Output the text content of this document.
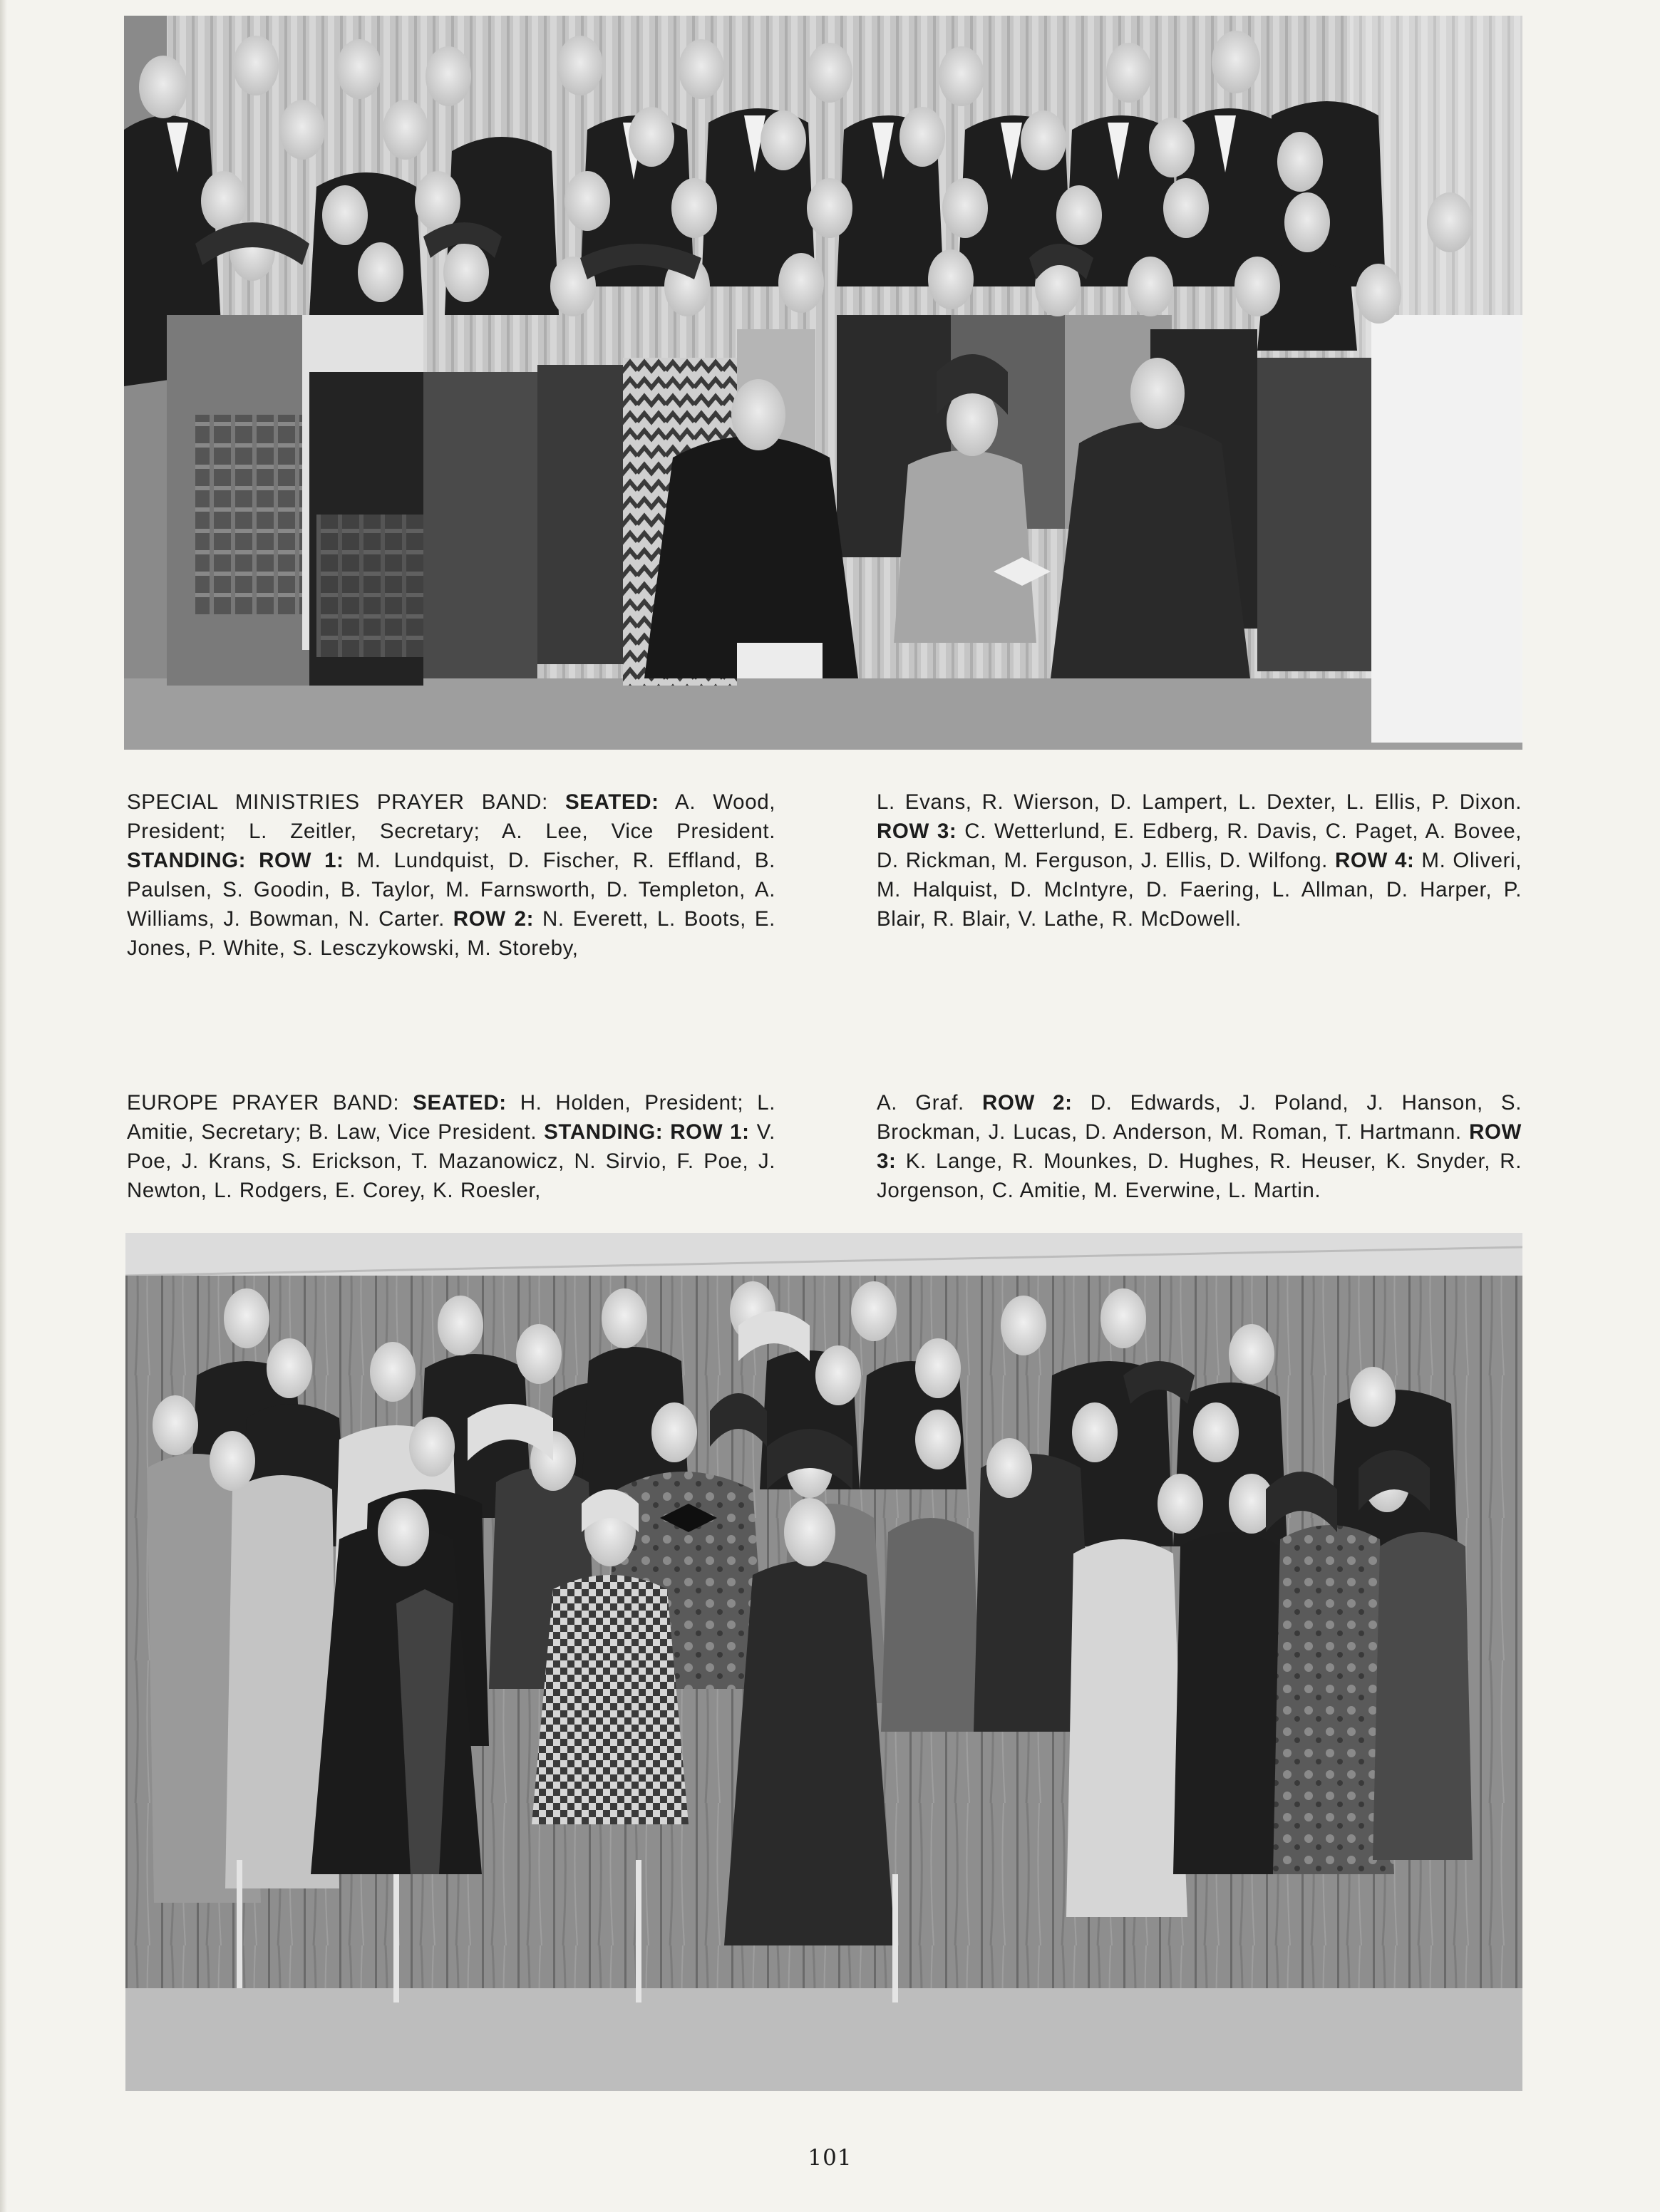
SPECIAL MINISTRIES PRAYER BAND: SEATED: A. Wood, President; L. Zeitler, Secretary; A. Lee, Vice President. STANDING: ROW 1: M. Lundquist, D. Fischer, R. Effland, B. Paulsen, S. Goodin, B. Taylor, M. Farnsworth, D. Templeton, A. Williams, J. Bowman, N. Carter. ROW 2: N. Everett, L. Boots, E. Jones, P. White, S. Lesczykowski, M. Storeby,
L. Evans, R. Wierson, D. Lampert, L. Dexter, L. Ellis, P. Dixon. ROW 3: C. Wetterlund, E. Edberg, R. Davis, C. Paget, A. Bovee, D. Rickman, M. Ferguson, J. Ellis, D. Wilfong. ROW 4: M. Oliveri, M. Halquist, D. McIntyre, D. Faering, L. Allman, D. Harper, P. Blair, R. Blair, V. Lathe, R. McDowell.
EUROPE PRAYER BAND: SEATED: H. Holden, President; L. Amitie, Secretary; B. Law, Vice President. STANDING: ROW 1: V. Poe, J. Krans, S. Erickson, T. Mazanowicz, N. Sirvio, F. Poe, J. Newton, L. Rodgers, E. Corey, K. Roesler,
A. Graf. ROW 2: D. Edwards, J. Poland, J. Hanson, S. Brockman, J. Lucas, D. Anderson, M. Roman, T. Hartmann. ROW 3: K. Lange, R. Mounkes, D. Hughes, R. Heuser, K. Snyder, R. Jorgenson, C. Amitie, M. Everwine, L. Martin.
101
